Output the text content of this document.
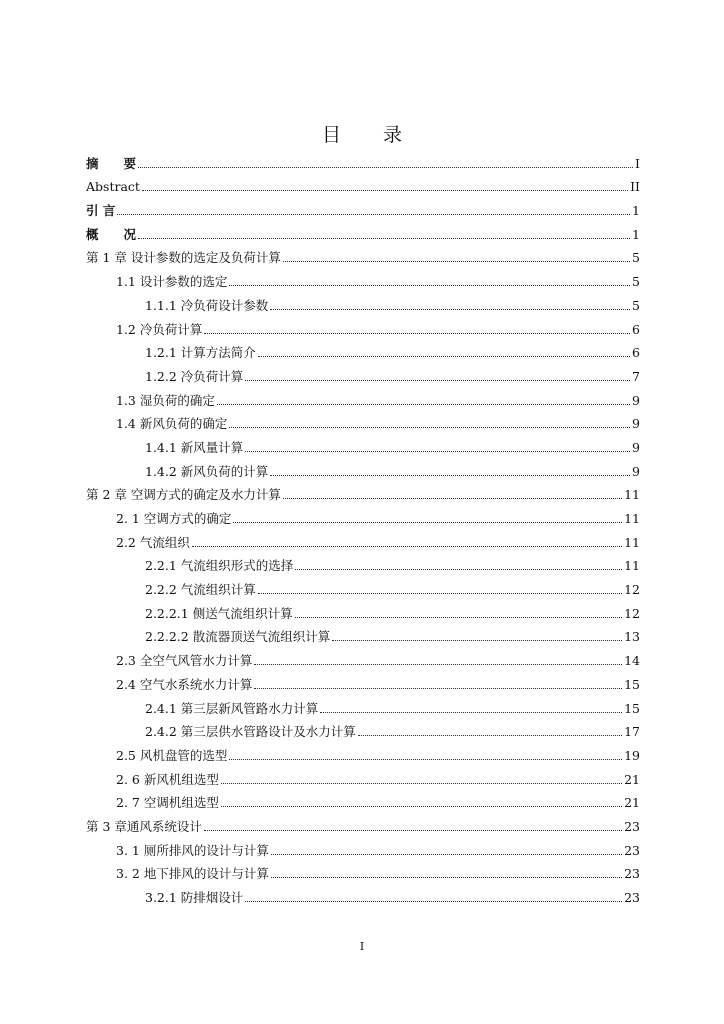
目 录
摘　　要	I
Abstract	II
引 言	1
概　　况	1
第 1 章 设计参数的选定及负荷计算	5
1.1 设计参数的选定	5
1.1.1 冷负荷设计参数	5
1.2 冷负荷计算	6
1.2.1 计算方法简介	6
1.2.2 冷负荷计算	7
1.3 湿负荷的确定	9
1.4 新风负荷的确定	9
1.4.1 新风量计算	9
1.4.2 新风负荷的计算	9
第 2 章 空调方式的确定及水力计算	11
2. 1 空调方式的确定	11
2.2 气流组织	11
2.2.1 气流组织形式的选择	11
2.2.2 气流组织计算	12
2.2.2.1 侧送气流组织计算	12
2.2.2.2 散流器顶送气流组织计算	13
2.3 全空气风管水力计算	14
2.4 空气水系统水力计算	15
2.4.1 第三层新风管路水力计算	15
2.4.2 第三层供水管路设计及水力计算	17
2.5 风机盘管的选型	19
2. 6 新风机组选型	21
2. 7 空调机组选型	21
第 3 章通风系统设计	23
3. 1 厕所排风的设计与计算	23
3. 2 地下排风的设计与计算	23
3.2.1 防排烟设计	23
I
